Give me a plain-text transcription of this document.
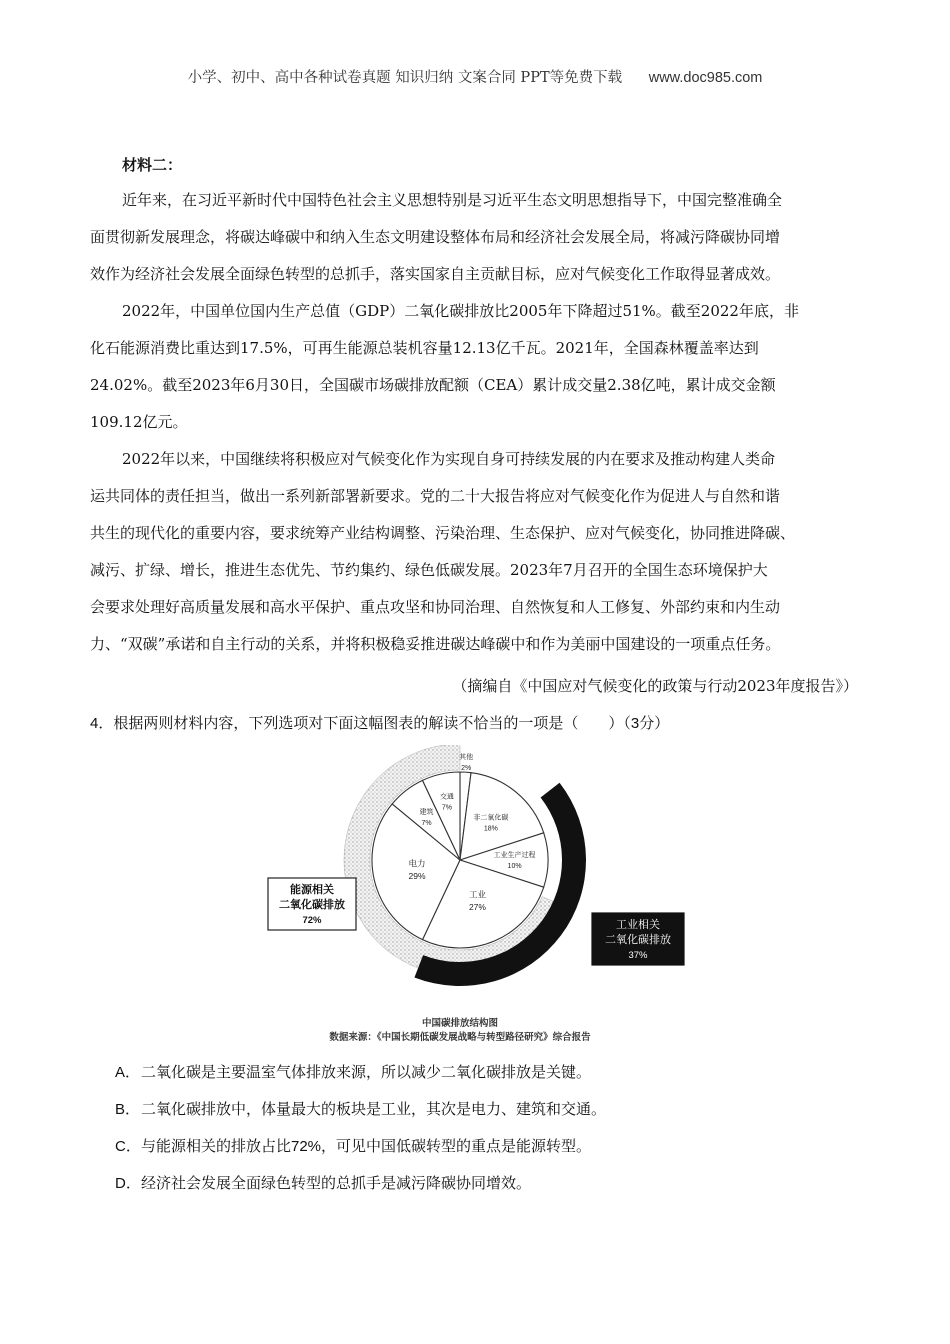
小学、初中、高中各种试卷真题 知识归纳 文案合同 PPT等免费下载 www.doc985.com
材料二：
近年来，在习近平新时代中国特色社会主义思想特别是习近平生态文明思想指导下，中国完整准确全
面贯彻新发展理念，将碳达峰碳中和纳入生态文明建设整体布局和经济社会发展全局，将减污降碳协同增
效作为经济社会发展全面绿色转型的总抓手，落实国家自主贡献目标，应对气候变化工作取得显著成效。
2022年，中国单位国内生产总值（GDP）二氧化碳排放比2005年下降超过51%。截至2022年底，非
化石能源消费比重达到17.5%，可再生能源总装机容量12.13亿千瓦。2021年，全国森林覆盖率达到
24.02%。截至2023年6月30日，全国碳市场碳排放配额（CEA）累计成交量2.38亿吨，累计成交金额
109.12亿元。
2022年以来，中国继续将积极应对气候变化作为实现自身可持续发展的内在要求及推动构建人类命
运共同体的责任担当，做出一系列新部署新要求。党的二十大报告将应对气候变化作为促进人与自然和谐
共生的现代化的重要内容，要求统筹产业结构调整、污染治理、生态保护、应对气候变化，协同推进降碳、
减污、扩绿、增长，推进生态优先、节约集约、绿色低碳发展。2023年7月召开的全国生态环境保护大
会要求处理好高质量发展和高水平保护、重点攻坚和协同治理、自然恢复和人工修复、外部约束和内生动
力、“双碳”承诺和自主行动的关系，并将积极稳妥推进碳达峰碳中和作为美丽中国建设的一项重点任务。
（摘编自《中国应对气候变化的政策与行动2023年度报告》）
4．根据两则材料内容，下列选项对下面这幅图表的解读不恰当的一项是（　　）（3分）
其他
2%
非二氧化碳
18%
工业生产过程
10%
工业
27%
电力
29%
建筑
7%
交通
7%
能源相关
二氧化碳排放
72%	工业相关
二氧化碳排放
37%
中国碳排放结构图
数据来源：《中国长期低碳发展战略与转型路径研究》综合报告
A．二氧化碳是主要温室气体排放来源，所以减少二氧化碳排放是关键。
B．二氧化碳排放中，体量最大的板块是工业，其次是电力、建筑和交通。
C．与能源相关的排放占比72%，可见中国低碳转型的重点是能源转型。
D．经济社会发展全面绿色转型的总抓手是减污降碳协同增效。
